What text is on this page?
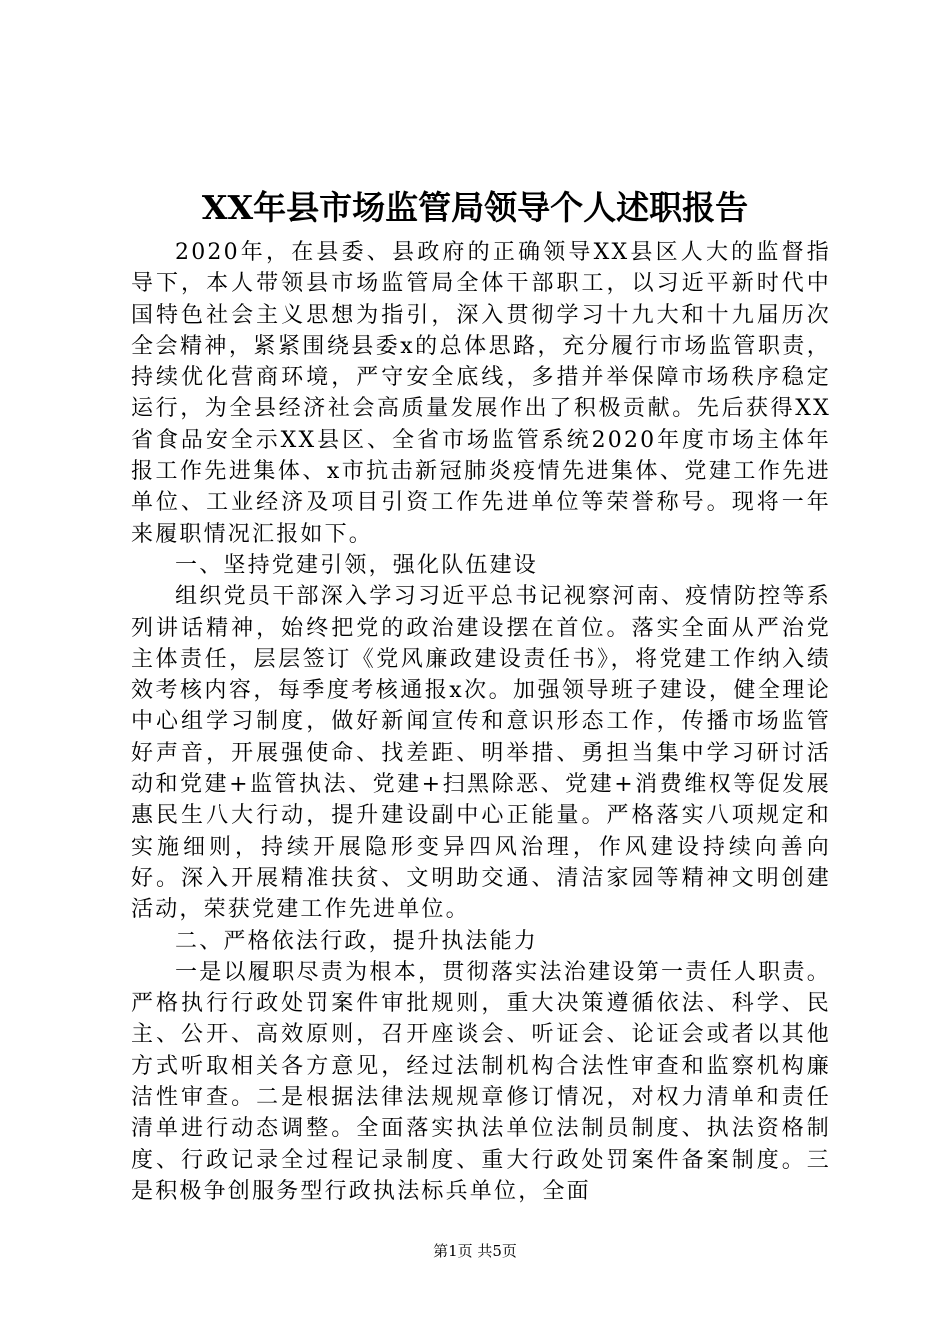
XX年县市场监管局领导个人述职报告

2020年，在县委、县政府的正确领导XX县区人大的监督指导下，本人带领县市场监管局全体干部职工，以习近平新时代中国特色社会主义思想为指引，深入贯彻学习十九大和十九届历次全会精神，紧紧围绕县委x的总体思路，充分履行市场监管职责，持续优化营商环境，严守安全底线，多措并举保障市场秩序稳定运行，为全县经济社会高质量发展作出了积极贡献。先后获得XX省食品安全示XX县区、全省市场监管系统2020年度市场主体年报工作先进集体、x市抗击新冠肺炎疫情先进集体、党建工作先进单位、工业经济及项目引资工作先进单位等荣誉称号。现将一年来履职情况汇报如下。

一、坚持党建引领，强化队伍建设

组织党员干部深入学习习近平总书记视察河南、疫情防控等系列讲话精神，始终把党的政治建设摆在首位。落实全面从严治党主体责任，层层签订《党风廉政建设责任书》，将党建工作纳入绩效考核内容，每季度考核通报x次。加强领导班子建设，健全理论中心组学习制度，做好新闻宣传和意识形态工作，传播市场监管好声音，开展强使命、找差距、明举措、勇担当集中学习研讨活动和党建+监管执法、党建+扫黑除恶、党建+消费维权等促发展惠民生八大行动，提升建设副中心正能量。严格落实八项规定和实施细则，持续开展隐形变异四风治理，作风建设持续向善向好。深入开展精准扶贫、文明助交通、清洁家园等精神文明创建活动，荣获党建工作先进单位。

二、严格依法行政，提升执法能力

一是以履职尽责为根本，贯彻落实法治建设第一责任人职责。严格执行行政处罚案件审批规则，重大决策遵循依法、科学、民主、公开、高效原则，召开座谈会、听证会、论证会或者以其他方式听取相关各方意见，经过法制机构合法性审查和监察机构廉洁性审查。二是根据法律法规规章修订情况，对权力清单和责任清单进行动态调整。全面落实执法单位法制员制度、执法资格制度、行政记录全过程记录制度、重大行政处罚案件备案制度。三是积极争创服务型行政执法标兵单位，全面

第1页 共5页
